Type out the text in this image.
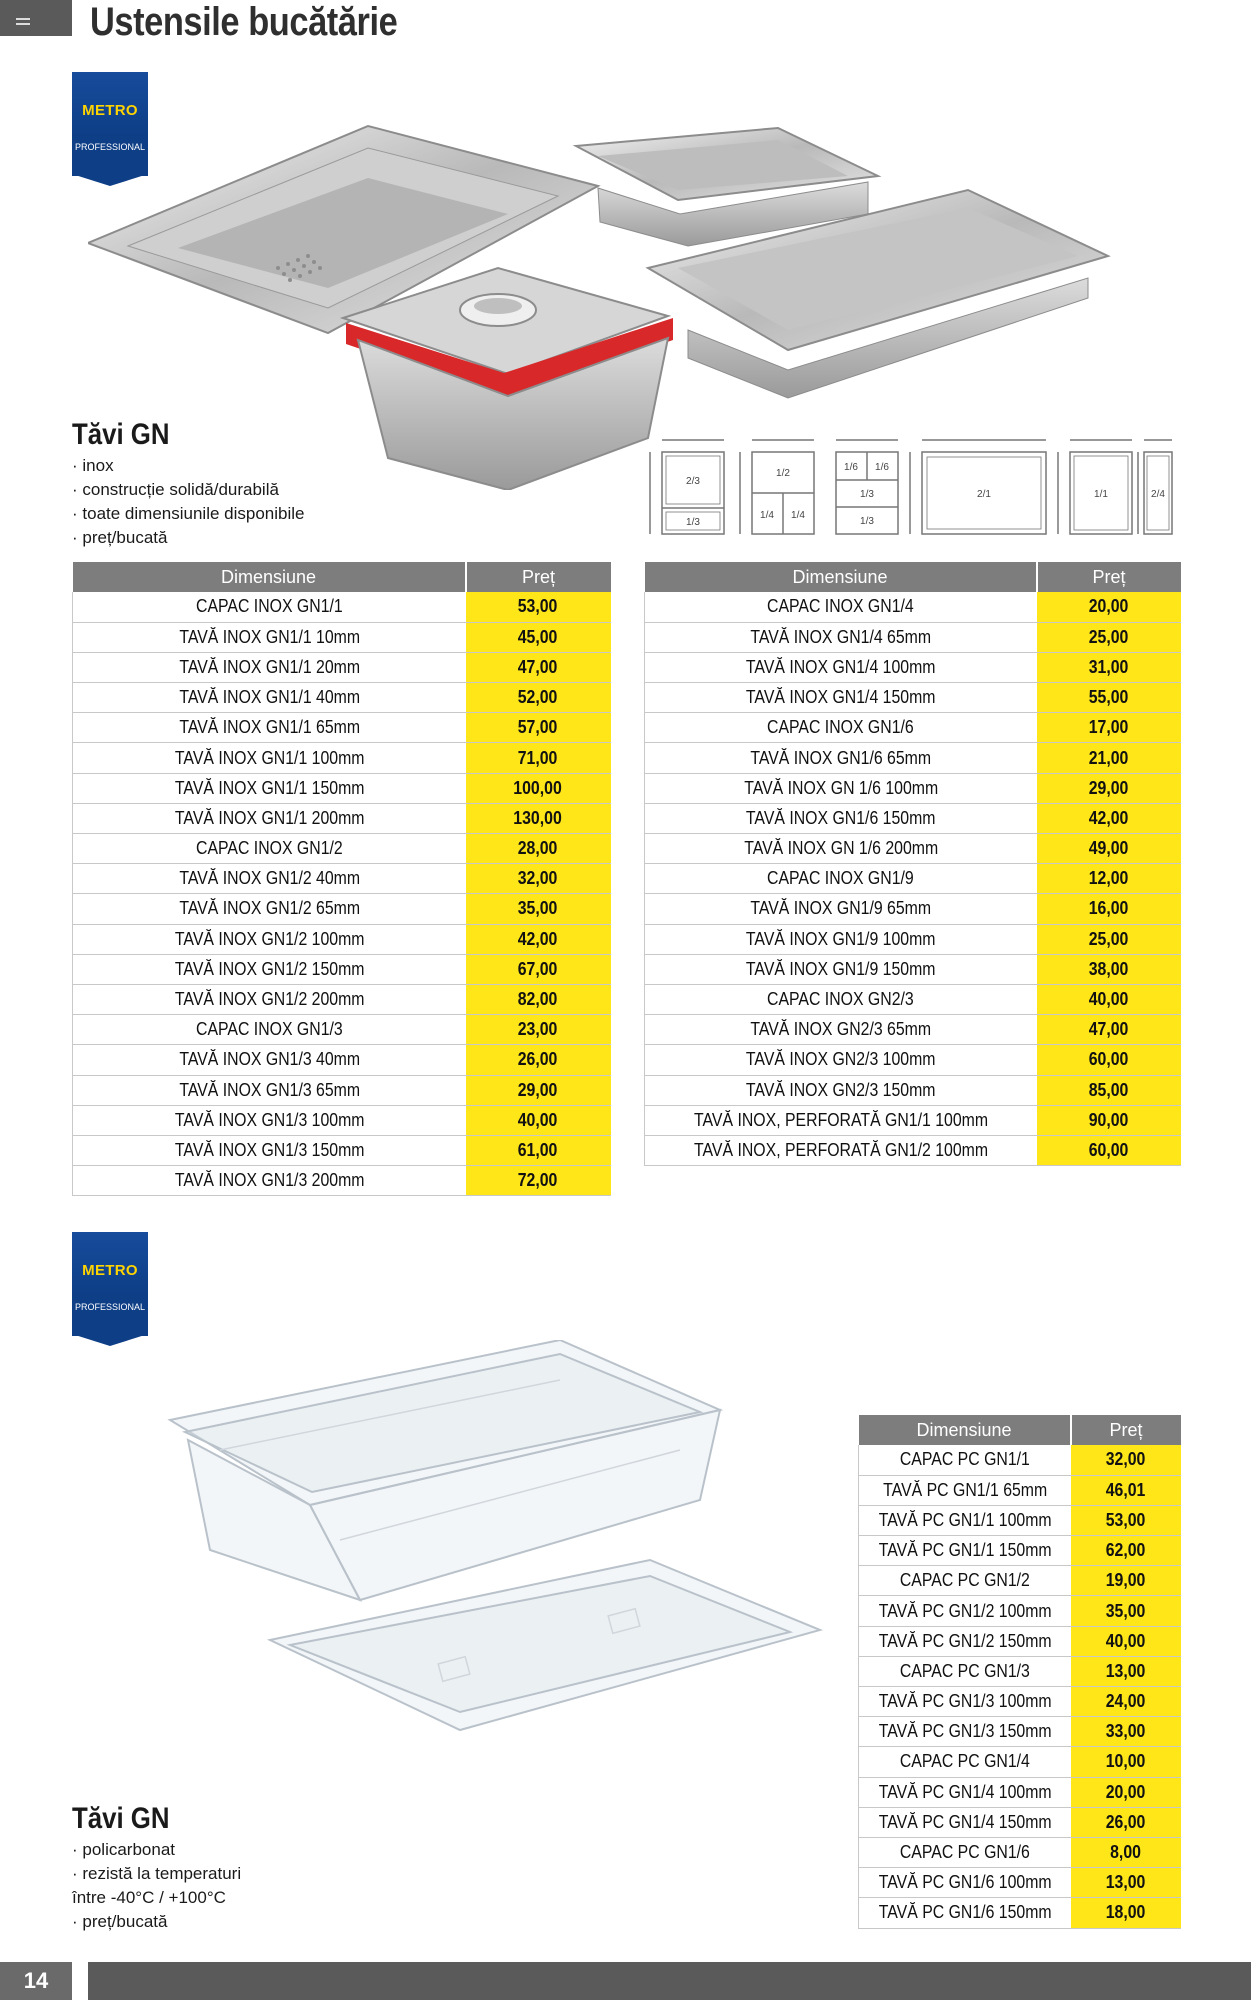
Ustensile bucătărie
METRO
PROFESSIONAL
Tăvi GN
· inox
· construcție solidă/durabilă
· toate dimensiunile disponibile
· preț/bucată
2/3
1/3
1/2
1/4 1/4
1/6 1/6
1/3
1/3
2/1	1/1	2/4
Dimensiune	Preț
CAPAC INOX GN1/1	53,00
TAVĂ INOX GN1/1 10mm	45,00
TAVĂ INOX GN1/1 20mm	47,00
TAVĂ INOX GN1/1 40mm	52,00
TAVĂ INOX GN1/1 65mm	57,00
TAVĂ INOX GN1/1 100mm	71,00
TAVĂ INOX GN1/1 150mm	100,00
TAVĂ INOX GN1/1 200mm	130,00
CAPAC INOX GN1/2	28,00
TAVĂ INOX GN1/2 40mm	32,00
TAVĂ INOX GN1/2 65mm	35,00
TAVĂ INOX GN1/2 100mm	42,00
TAVĂ INOX GN1/2 150mm	67,00
TAVĂ INOX GN1/2 200mm	82,00
CAPAC INOX GN1/3	23,00
TAVĂ INOX GN1/3 40mm	26,00
TAVĂ INOX GN1/3 65mm	29,00
TAVĂ INOX GN1/3 100mm	40,00
TAVĂ INOX GN1/3 150mm	61,00
TAVĂ INOX GN1/3 200mm	72,00
Dimensiune	Preț
CAPAC INOX GN1/4	20,00
TAVĂ INOX GN1/4 65mm	25,00
TAVĂ INOX GN1/4 100mm	31,00
TAVĂ INOX GN1/4 150mm	55,00
CAPAC INOX GN1/6	17,00
TAVĂ INOX GN1/6 65mm	21,00
TAVĂ INOX GN 1/6 100mm	29,00
TAVĂ INOX GN1/6 150mm	42,00
TAVĂ INOX GN 1/6 200mm	49,00
CAPAC INOX GN1/9	12,00
TAVĂ INOX GN1/9 65mm	16,00
TAVĂ INOX GN1/9 100mm	25,00
TAVĂ INOX GN1/9 150mm	38,00
CAPAC INOX GN2/3	40,00
TAVĂ INOX GN2/3 65mm	47,00
TAVĂ INOX GN2/3 100mm	60,00
TAVĂ INOX GN2/3 150mm	85,00
TAVĂ INOX, PERFORATĂ GN1/1 100mm	90,00
TAVĂ INOX, PERFORATĂ GN1/2 100mm	60,00
METRO
PROFESSIONAL
Tăvi GN
· policarbonat
· rezistă la temperaturi
între -40°C / +100°C
· preț/bucată
Dimensiune	Preț
CAPAC PC GN1/1	32,00
TAVĂ PC GN1/1 65mm	46,01
TAVĂ PC GN1/1 100mm	53,00
TAVĂ PC GN1/1 150mm	62,00
CAPAC PC GN1/2	19,00
TAVĂ PC GN1/2 100mm	35,00
TAVĂ PC GN1/2 150mm	40,00
CAPAC PC GN1/3	13,00
TAVĂ PC GN1/3 100mm	24,00
TAVĂ PC GN1/3 150mm	33,00
CAPAC PC GN1/4	10,00
TAVĂ PC GN1/4 100mm	20,00
TAVĂ PC GN1/4 150mm	26,00
CAPAC PC GN1/6	8,00
TAVĂ PC GN1/6 100mm	13,00
TAVĂ PC GN1/6 150mm	18,00
14
